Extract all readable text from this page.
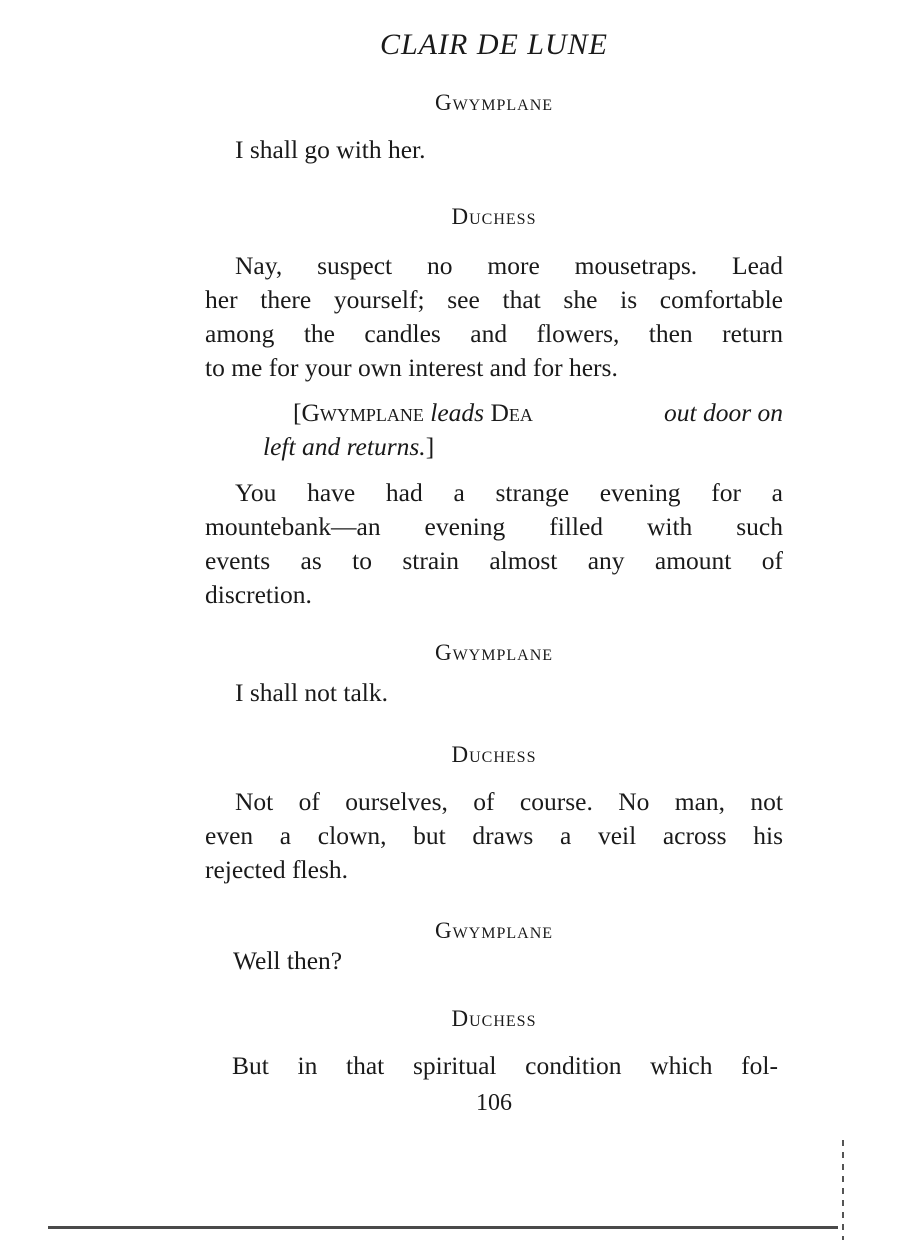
CLAIR DE LUNE
Gwymplane
I shall go with her.
Duchess
Nay, suspect no more mousetraps. Lead
her there yourself; see that she is comfortable
among the candles and flowers, then return
to me for your own interest and for hers.
[Gwymplane leads Dea	out door on
left and returns.]
You have had a strange evening for a
mountebank—an evening filled with such
events as to strain almost any amount of
discretion.
Gwymplane
I shall not talk.
Duchess
Not of ourselves, of course. No man, not
even a clown, but draws a veil across his
rejected flesh.
Gwymplane
Well then?
Duchess
But in that spiritual condition which fol-
106
